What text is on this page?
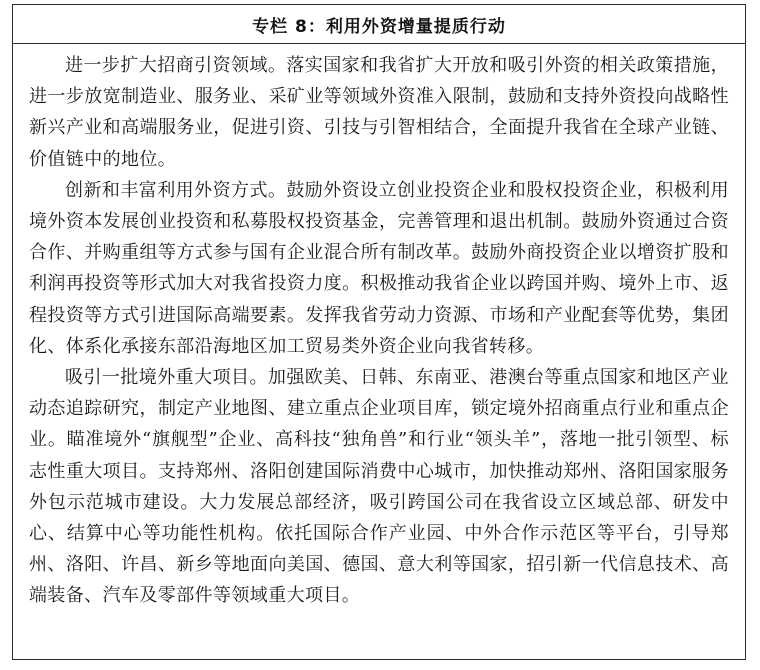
专栏 8：利用外资增量提质行动

进一步扩大招商引资领域。落实国家和我省扩大开放和吸引外资的相关政策措施，进一步放宽制造业、服务业、采矿业等领域外资准入限制，鼓励和支持外资投向战略性新兴产业和高端服务业，促进引资、引技与引智相结合，全面提升我省在全球产业链、价值链中的地位。

创新和丰富利用外资方式。鼓励外资设立创业投资企业和股权投资企业，积极利用境外资本发展创业投资和私募股权投资基金，完善管理和退出机制。鼓励外资通过合资合作、并购重组等方式参与国有企业混合所有制改革。鼓励外商投资企业以增资扩股和利润再投资等形式加大对我省投资力度。积极推动我省企业以跨国并购、境外上市、返程投资等方式引进国际高端要素。发挥我省劳动力资源、市场和产业配套等优势，集团化、体系化承接东部沿海地区加工贸易类外资企业向我省转移。

吸引一批境外重大项目。加强欧美、日韩、东南亚、港澳台等重点国家和地区产业动态追踪研究，制定产业地图、建立重点企业项目库，锁定境外招商重点行业和重点企业。瞄准境外“旗舰型”企业、高科技“独角兽”和行业“领头羊”，落地一批引领型、标志性重大项目。支持郑州、洛阳创建国际消费中心城市，加快推动郑州、洛阳国家服务外包示范城市建设。大力发展总部经济，吸引跨国公司在我省设立区域总部、研发中心、结算中心等功能性机构。依托国际合作产业园、中外合作示范区等平台，引导郑州、洛阳、许昌、新乡等地面向美国、德国、意大利等国家，招引新一代信息技术、高端装备、汽车及零部件等领域重大项目。
